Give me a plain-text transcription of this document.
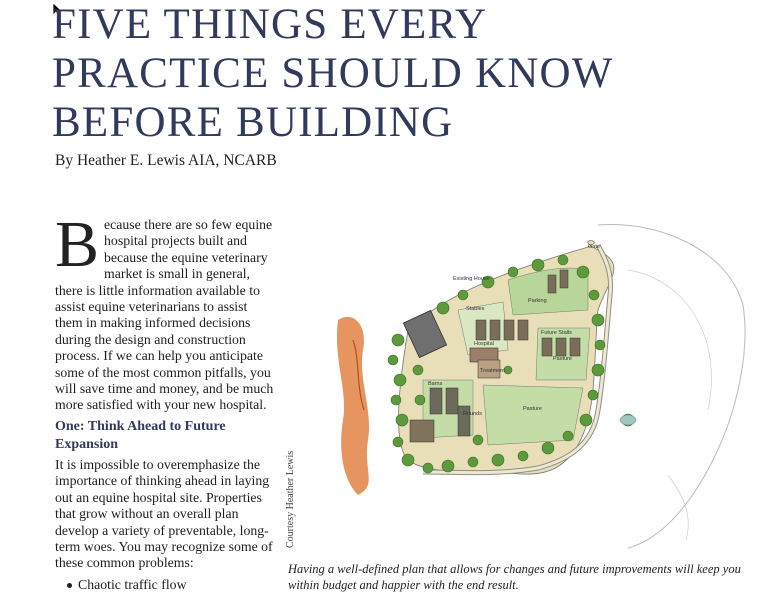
FIVE THINGS EVERY
PRACTICE SHOULD KNOW
BEFORE BUILDING
By Heather E. Lewis AIA, NCARB

Because there are so few equine hospital projects built and because the equine veterinary market is small in general, there is little information available to assist equine veterinarians to assist them in making informed decisions during the design and construction process. If we can help you anticipate some of the most common pitfalls, you will save time and money, and be much more satisfied with your new hospital.

One: Think Ahead to Future Expansion

It is impossible to overemphasize the importance of thinking ahead in laying out an equine hospital site. Properties that grow without an overall plan develop a variety of preventable, long-term woes. You may recognize some of these common problems:

Chaotic traffic flow
Courtesy Heather Lewis
Gate
Existing House
Hospital
Stables
Future Stalls
Pasture
Pasture
Rounds
Barns
Treatment
Parking
Having a well-defined plan that allows for changes and future improvements will keep you within budget and happier with the end result.
